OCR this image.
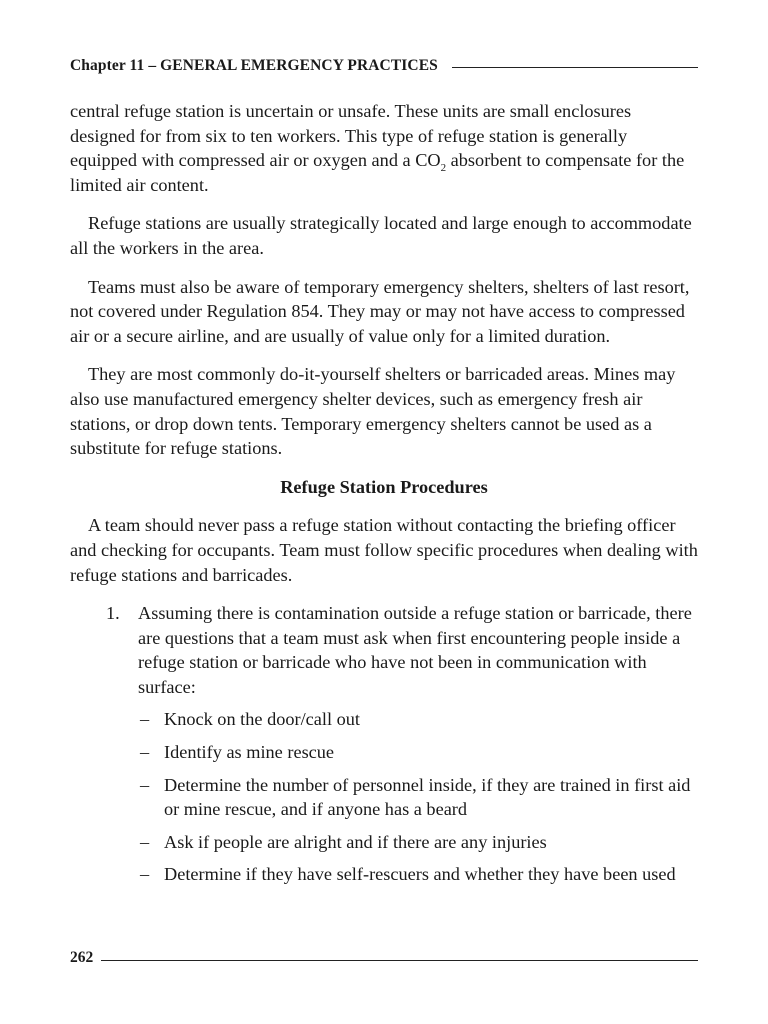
Chapter 11 – GENERAL EMERGENCY PRACTICES

central refuge station is uncertain or unsafe. These units are small enclosures designed for from six to ten workers. This type of refuge station is generally equipped with compressed air or oxygen and a $CO_2$ absorbent to compensate for the limited air content.

Refuge stations are usually strategically located and large enough to accommodate all the workers in the area.

Teams must also be aware of temporary emergency shelters, shelters of last resort, not covered under Regulation 854. They may or may not have access to compressed air or a secure airline, and are usually of value only for a limited duration.

They are most commonly do-it-yourself shelters or barricaded areas. Mines may also use manufactured emergency shelter devices, such as emergency fresh air stations, or drop down tents. Temporary emergency shelters cannot be used as a substitute for refuge stations.

Refuge Station Procedures

A team should never pass a refuge station without contacting the briefing officer and checking for occupants. Team must follow specific procedures when dealing with refuge stations and barricades.

1. Assuming there is contamination outside a refuge station or barricade, there are questions that a team must ask when first encountering people inside a refuge station or barricade who have not been in communication with surface:
– Knock on the door/call out
– Identify as mine rescue
– Determine the number of personnel inside, if they are trained in first aid or mine rescue, and if anyone has a beard
– Ask if people are alright and if there are any injuries
– Determine if they have self-rescuers and whether they have been used
262
